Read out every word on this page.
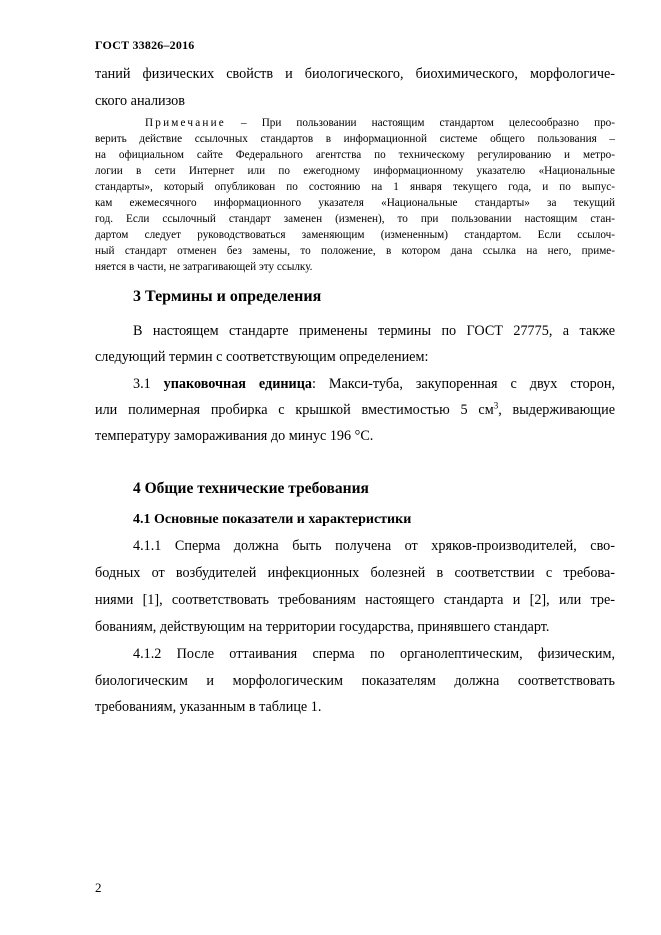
ГОСТ 33826–2016
таний физических свойств и биологического, биохимического, морфологиче-
ского анализов
Примечание – При пользовании настоящим стандартом целесообразно про-
верить действие ссылочных стандартов в информационной системе общего пользования –
на официальном сайте Федерального агентства по техническому регулированию и метро-
логии в сети Интернет или по ежегодному информационному указателю «Национальные
стандарты», который опубликован по состоянию на 1 января текущего года, и по выпус-
кам ежемесячного информационного указателя «Национальные стандарты» за текущий
год. Если ссылочный стандарт заменен (изменен), то при пользовании настоящим стан-
дартом следует руководствоваться заменяющим (измененным) стандартом. Если ссылоч-
ный стандарт отменен без замены, то положение, в котором дана ссылка на него, приме-
няется в части, не затрагивающей эту ссылку.
3 Термины и определения
В настоящем стандарте применены термины по ГОСТ 27775, а также
следующий термин с соответствующим определением:
3.1 упаковочная единица: Макси-туба, закупоренная с двух сторон,
или полимерная пробирка с крышкой вместимостью 5 $см^3$, выдерживающие
температуру замораживания до минус 196 °С.
4 Общие технические требования
4.1 Основные показатели и характеристики
4.1.1 Сперма должна быть получена от хряков-производителей, сво-
бодных от возбудителей инфекционных болезней в соответствии с требова-
ниями [1], соответствовать требованиям настоящего стандарта и [2], или тре-
бованиям, действующим на территории государства, принявшего стандарт.
4.1.2 После оттаивания сперма по органолептическим, физическим,
биологическим и морфологическим показателям должна соответствовать
требованиям, указанным в таблице 1.
2
